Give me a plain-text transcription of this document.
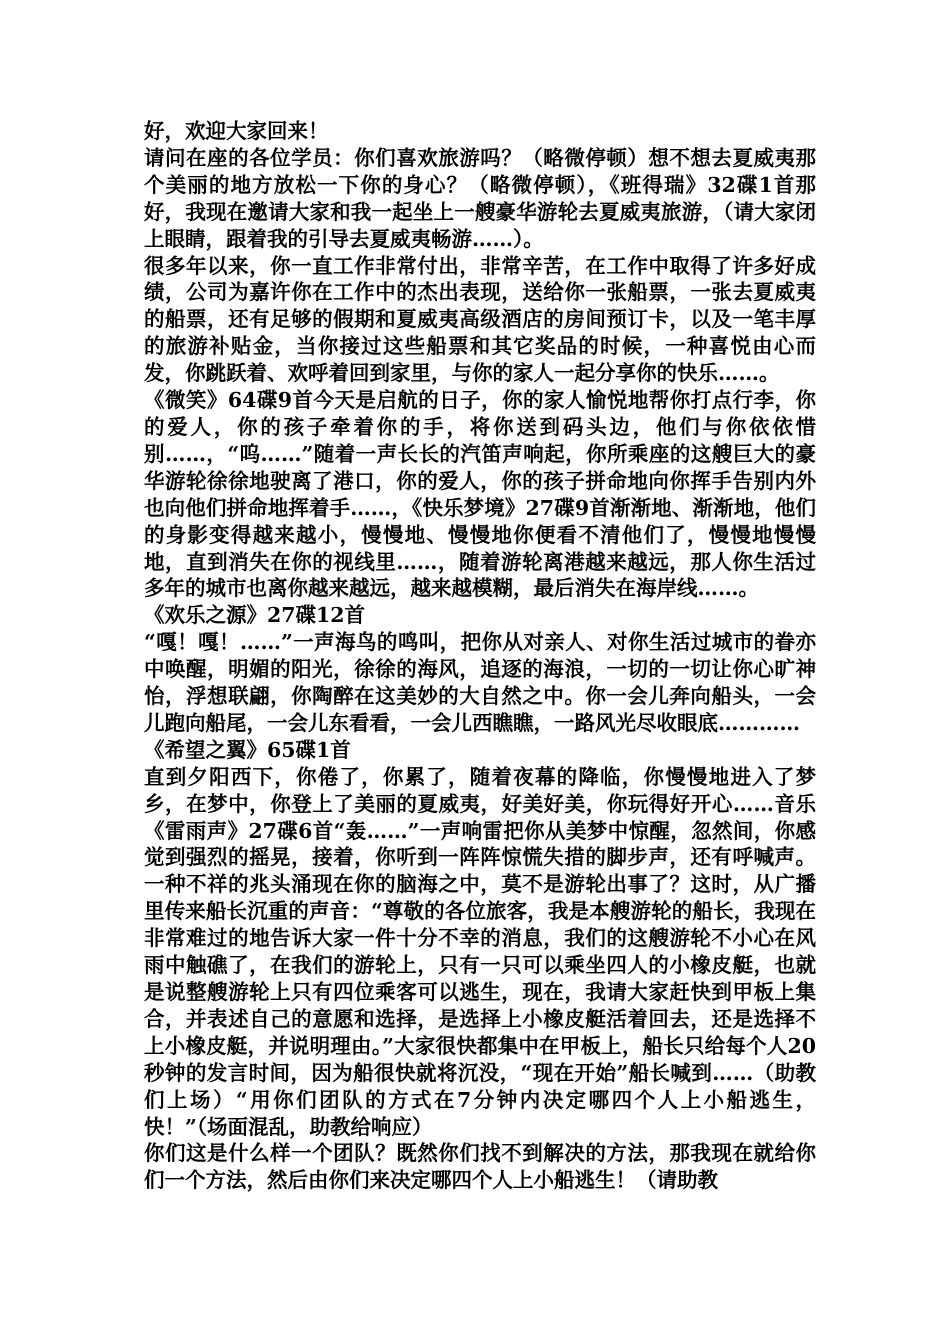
好，欢迎大家回来！

请问在座的各位学员：你们喜欢旅游吗？（略微停顿）想不想去夏威夷那个美丽的地方放松一下你的身心？（略微停顿），《班得瑞》32碟1首那好，我现在邀请大家和我一起坐上一艘豪华游轮去夏威夷旅游，（请大家闭上眼睛，跟着我的引导去夏威夷畅游……）。

很多年以来，你一直工作非常付出，非常辛苦，在工作中取得了许多好成绩，公司为嘉许你在工作中的杰出表现，送给你一张船票，一张去夏威夷的船票，还有足够的假期和夏威夷高级酒店的房间预订卡，以及一笔丰厚的旅游补贴金，当你接过这些船票和其它奖品的时候，一种喜悦由心而发，你跳跃着、欢呼着回到家里，与你的家人一起分享你的快乐……。

《微笑》64碟9首今天是启航的日子，你的家人愉悦地帮你打点行李，你的爱人，你的孩子牵着你的手，将你送到码头边，他们与你依依惜别……，“呜……”随着一声长长的汽笛声响起，你所乘座的这艘巨大的豪华游轮徐徐地驶离了港口，你的爱人，你的孩子拼命地向你挥手告别内外也向他们拼命地挥着手……，《快乐梦境》27碟9首渐渐地、渐渐地，他们的身影变得越来越小，慢慢地、慢慢地你便看不清他们了，慢慢地慢慢地，直到消失在你的视线里……，随着游轮离港越来越远，那人你生活过多年的城市也离你越来越远，越来越模糊，最后消失在海岸线……。

《欢乐之源》27碟12首

“嘎！嘎！……”一声海鸟的鸣叫，把你从对亲人、对你生活过城市的眷亦中唤醒，明媚的阳光，徐徐的海风，追逐的海浪，一切的一切让你心旷神怡，浮想联翩，你陶醉在这美妙的大自然之中。你一会儿奔向船头，一会儿跑向船尾，一会儿东看看，一会儿西瞧瞧，一路风光尽收眼底…………

《希望之翼》65碟1首

直到夕阳西下，你倦了，你累了，随着夜幕的降临，你慢慢地进入了梦乡，在梦中，你登上了美丽的夏威夷，好美好美，你玩得好开心……音乐《雷雨声》27碟6首“轰……”一声响雷把你从美梦中惊醒，忽然间，你感觉到强烈的摇晃，接着，你听到一阵阵惊慌失措的脚步声，还有呼喊声。一种不祥的兆头涌现在你的脑海之中，莫不是游轮出事了？这时，从广播里传来船长沉重的声音：“尊敬的各位旅客，我是本艘游轮的船长，我现在非常难过的地告诉大家一件十分不幸的消息，我们的这艘游轮不小心在风雨中触礁了，在我们的游轮上，只有一只可以乘坐四人的小橡皮艇，也就是说整艘游轮上只有四位乘客可以逃生，现在，我请大家赶快到甲板上集合，并表述自己的意愿和选择，是选择上小橡皮艇活着回去，还是选择不上小橡皮艇，并说明理由。”大家很快都集中在甲板上，船长只给每个人20秒钟的发言时间，因为船很快就将沉没，“现在开始”船长喊到……（助教们上场）“用你们团队的方式在7分钟内决定哪四个人上小船逃生，快！”（场面混乱，助教给响应）

你们这是什么样一个团队？既然你们找不到解决的方法，那我现在就给你们一个方法，然后由你们来决定哪四个人上小船逃生！（请助教
